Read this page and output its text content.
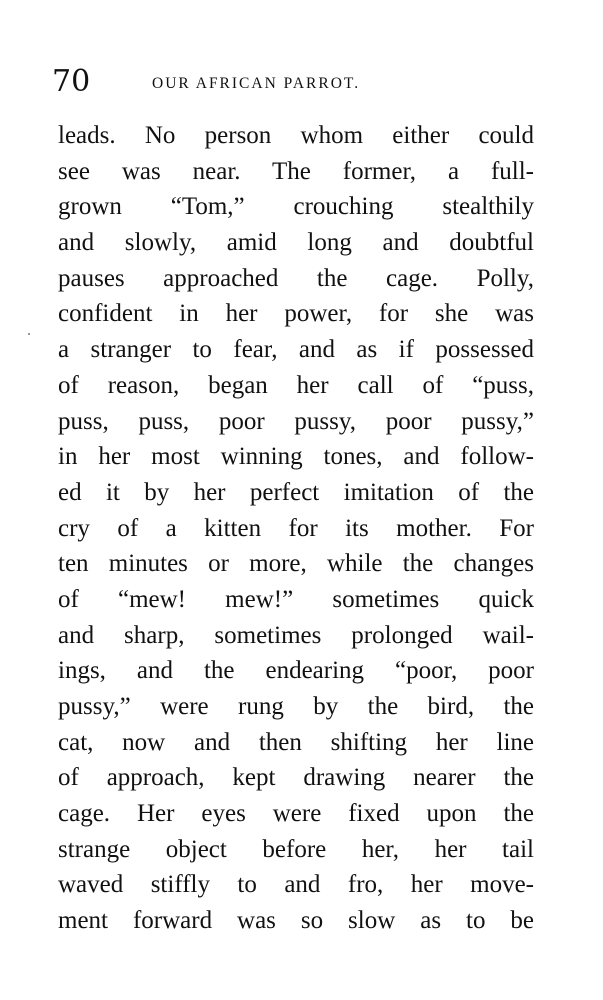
70	OUR AFRICAN PARROT.
leads. No person whom either could
see was near. The former, a full-
grown “Tom,” crouching stealthily
and slowly, amid long and doubtful
pauses approached the cage. Polly,
confident in her power, for she was
a stranger to fear, and as if possessed
of reason, began her call of “puss,
puss, puss, poor pussy, poor pussy,”
in her most winning tones, and follow-
ed it by her perfect imitation of the
cry of a kitten for its mother. For
ten minutes or more, while the changes
of “mew! mew!” sometimes quick
and sharp, sometimes prolonged wail-
ings, and the endearing “poor, poor
pussy,” were rung by the bird, the
cat, now and then shifting her line
of approach, kept drawing nearer the
cage. Her eyes were fixed upon the
strange object before her, her tail
waved stiffly to and fro, her move-
ment forward was so slow as to be
